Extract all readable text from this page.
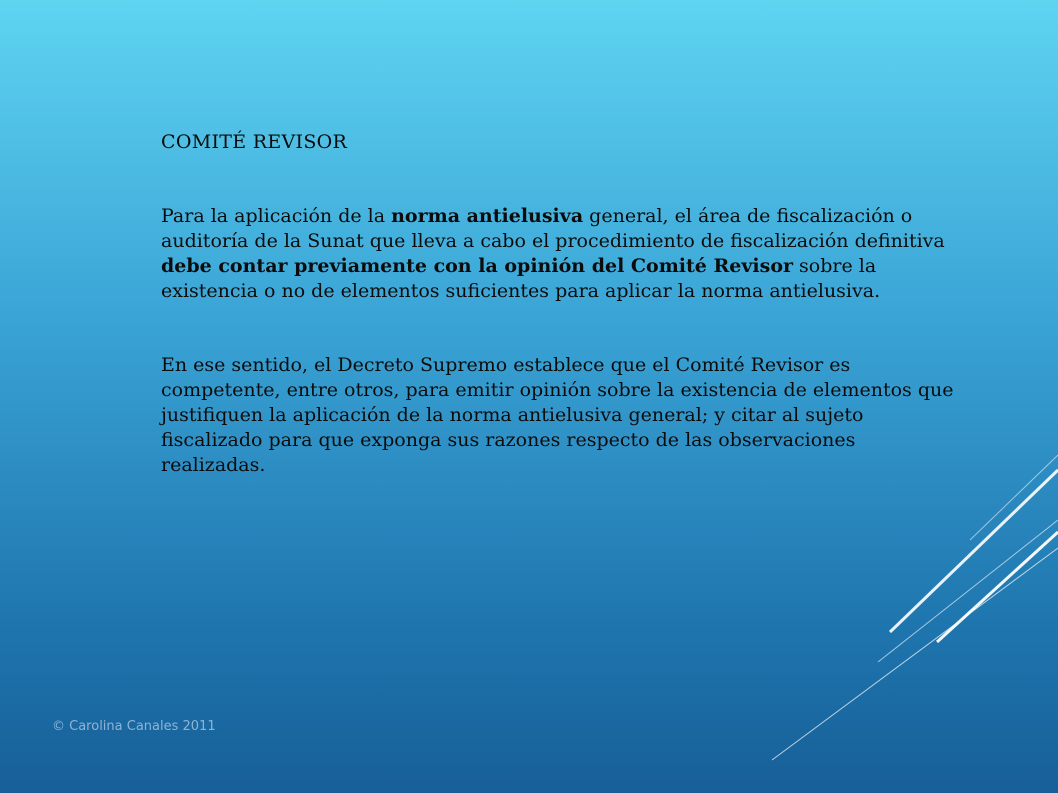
COMITÉ REVISOR
Para la aplicación de la norma antielusiva general, el área de fiscalización o auditoría de la Sunat que lleva a cabo el procedimiento de fiscalización definitiva debe contar previamente con la opinión del Comité Revisor sobre la existencia o no de elementos suficientes para aplicar la norma antielusiva.
En ese sentido, el Decreto Supremo establece que el Comité Revisor es competente, entre otros, para emitir opinión sobre la existencia de elementos que justifiquen la aplicación de la norma antielusiva general; y citar al sujeto fiscalizado para que exponga sus razones respecto de las observaciones realizadas.
© Carolina Canales 2011
